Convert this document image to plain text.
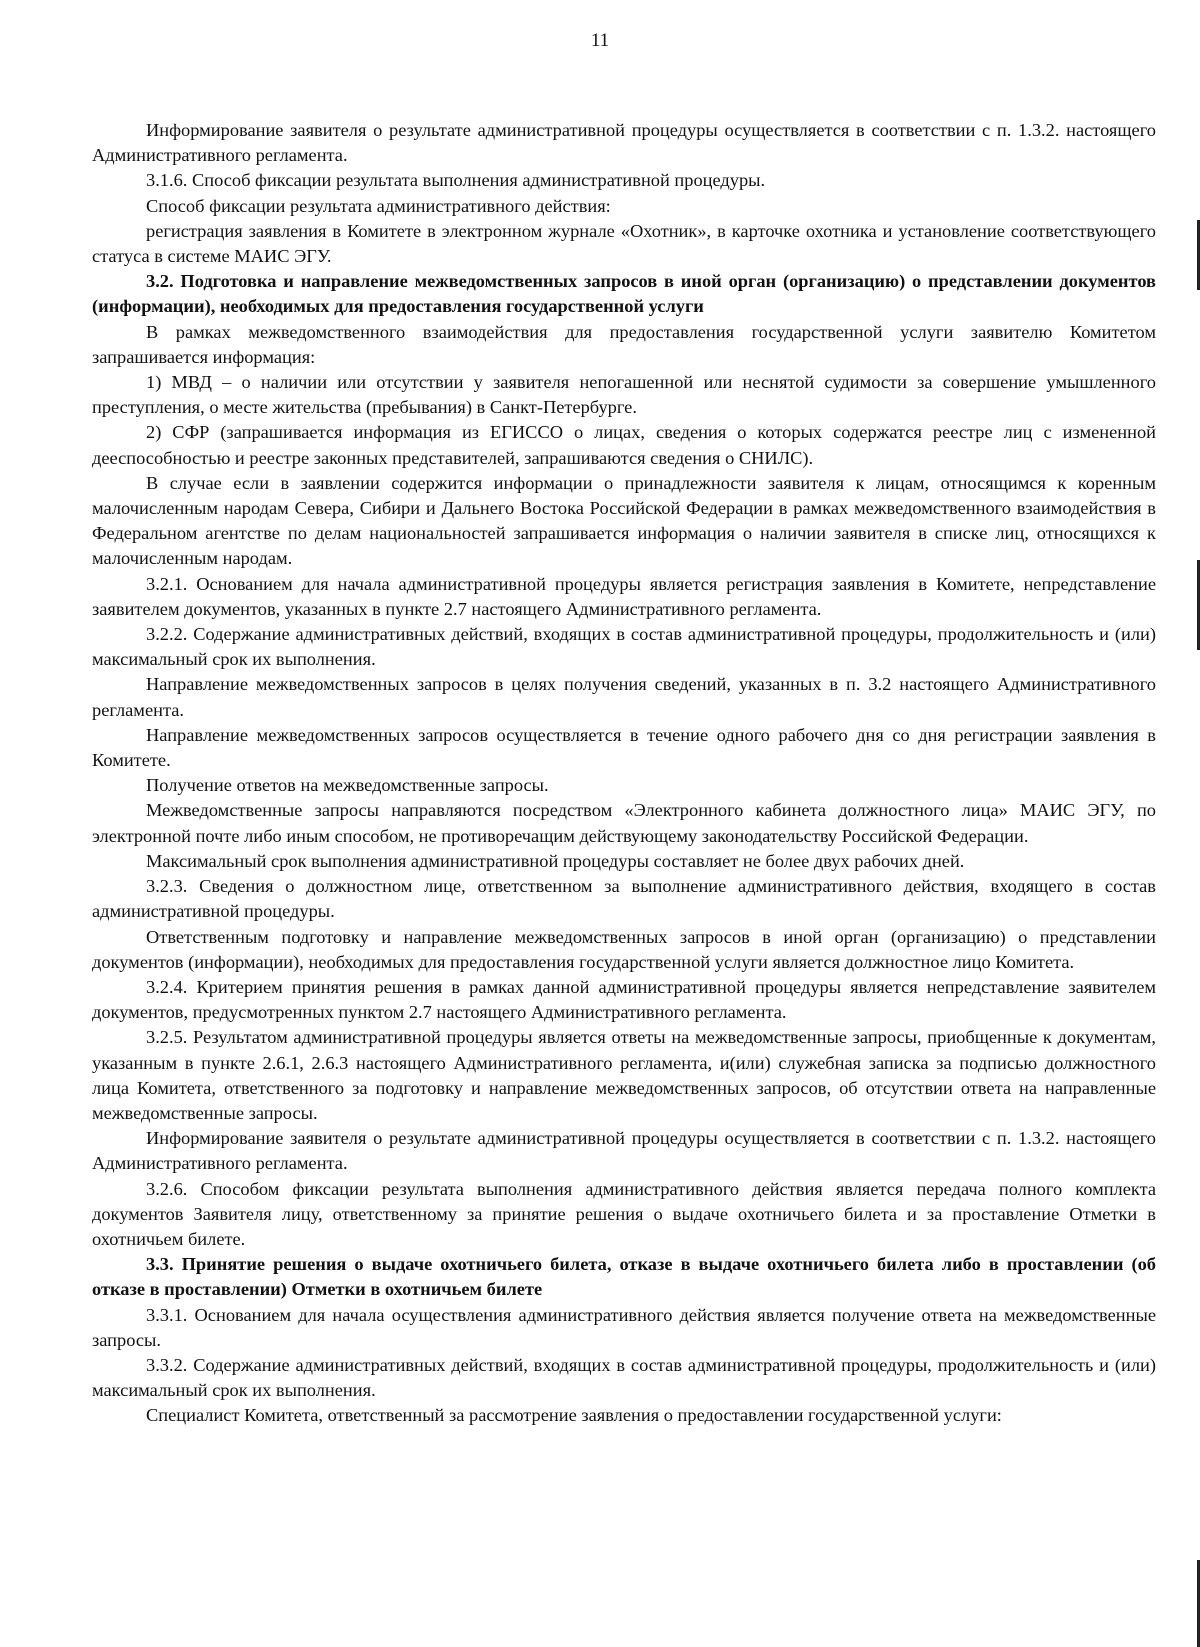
11

Информирование заявителя о результате административной процедуры осуществляется в соответствии с п. 1.3.2. настоящего Административного регламента.

3.1.6. Способ фиксации результата выполнения административной процедуры.

Способ фиксации результата административного действия:

регистрация заявления в Комитете в электронном журнале «Охотник», в карточке охотника и установление соответствующего статуса в системе МАИС ЭГУ.

3.2. Подготовка и направление межведомственных запросов в иной орган (организацию) о представлении документов (информации), необходимых для предоставления государственной услуги

В рамках межведомственного взаимодействия для предоставления государственной услуги заявителю Комитетом запрашивается информация:

1) МВД – о наличии или отсутствии у заявителя непогашенной или неснятой судимости за совершение умышленного преступления, о месте жительства (пребывания) в Санкт-Петербурге.

2) СФР (запрашивается информация из ЕГИССО о лицах, сведения о которых содержатся реестре лиц с измененной дееспособностью и реестре законных представителей, запрашиваются сведения о СНИЛС).

В случае если в заявлении содержится информации о принадлежности заявителя к лицам, относящимся к коренным малочисленным народам Севера, Сибири и Дальнего Востока Российской Федерации в рамках межведомственного взаимодействия в Федеральном агентстве по делам национальностей запрашивается информация о наличии заявителя в списке лиц, относящихся к малочисленным народам.

3.2.1. Основанием для начала административной процедуры является регистрация заявления в Комитете, непредставление заявителем документов, указанных в пункте 2.7 настоящего Административного регламента.

3.2.2. Содержание административных действий, входящих в состав административной процедуры, продолжительность и (или) максимальный срок их выполнения.

Направление межведомственных запросов в целях получения сведений, указанных в п. 3.2 настоящего Административного регламента.

Направление межведомственных запросов осуществляется в течение одного рабочего дня со дня регистрации заявления в Комитете.

Получение ответов на межведомственные запросы.

Межведомственные запросы направляются посредством «Электронного кабинета должностного лица» МАИС ЭГУ, по электронной почте либо иным способом, не противоречащим действующему законодательству Российской Федерации.

Максимальный срок выполнения административной процедуры составляет не более двух рабочих дней.

3.2.3. Сведения о должностном лице, ответственном за выполнение административного действия, входящего в состав административной процедуры.

Ответственным подготовку и направление межведомственных запросов в иной орган (организацию) о представлении документов (информации), необходимых для предоставления государственной услуги является должностное лицо Комитета.

3.2.4. Критерием принятия решения в рамках данной административной процедуры является непредставление заявителем документов, предусмотренных пунктом 2.7 настоящего Административного регламента.

3.2.5. Результатом административной процедуры является ответы на межведомственные запросы, приобщенные к документам, указанным в пункте 2.6.1, 2.6.3 настоящего Административного регламента, и(или) служебная записка за подписью должностного лица Комитета, ответственного за подготовку и направление межведомственных запросов, об отсутствии ответа на направленные межведомственные запросы.

Информирование заявителя о результате административной процедуры осуществляется в соответствии с п. 1.3.2. настоящего Административного регламента.

3.2.6. Способом фиксации результата выполнения административного действия является передача полного комплекта документов Заявителя лицу, ответственному за принятие решения о выдаче охотничьего билета и за проставление Отметки в охотничьем билете.

3.3. Принятие решения о выдаче охотничьего билета, отказе в выдаче охотничьего билета либо в проставлении (об отказе в проставлении) Отметки в охотничьем билете

3.3.1. Основанием для начала осуществления административного действия является получение ответа на межведомственные запросы.

3.3.2. Содержание административных действий, входящих в состав административной процедуры, продолжительность и (или) максимальный срок их выполнения.

Специалист Комитета, ответственный за рассмотрение заявления о предоставлении государственной услуги:
